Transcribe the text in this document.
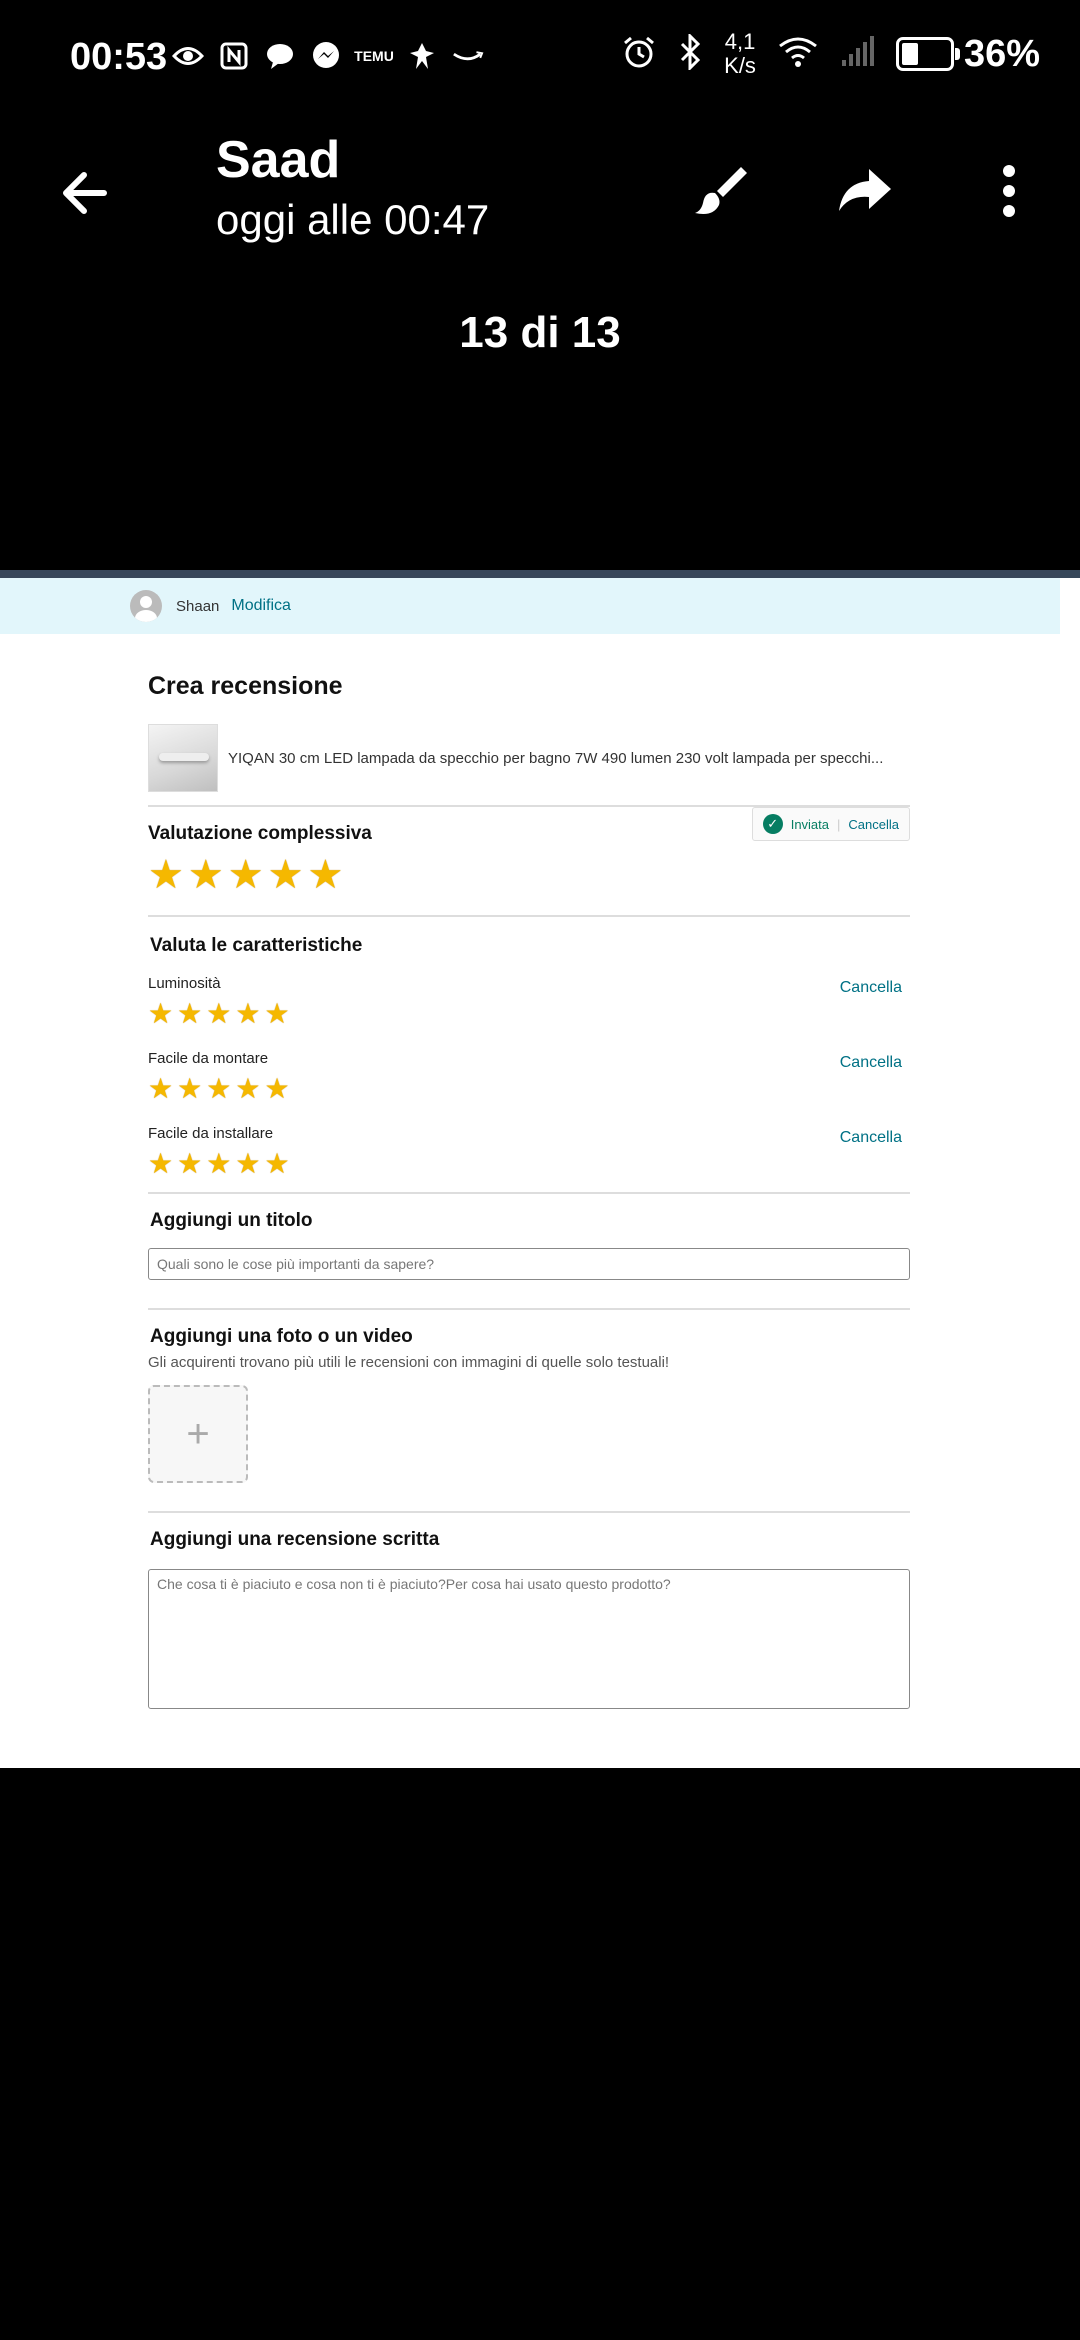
00:53	TEMU
4,1
K/s	36%
Saad
oggi alle 00:47
13 di 13
Shaan Modifica
Crea recensione
YIQAN 30 cm LED lampada da specchio per bagno 7W 490 lumen 230 volt lampada per specchi...
✓ Inviata | Cancella
Valutazione complessiva
★ ★ ★ ★ ★
Valuta le caratteristiche
Luminosità	Cancella
★ ★ ★ ★ ★
Facile da montare	Cancella
★ ★ ★ ★ ★
Facile da installare	Cancella
★ ★ ★ ★ ★
Aggiungi un titolo
Quali sono le cose più importanti da sapere?
Aggiungi una foto o un video
Gli acquirenti trovano più utili le recensioni con immagini di quelle solo testuali!
+
Aggiungi una recensione scritta
Che cosa ti è piaciuto e cosa non ti è piaciuto?Per cosa hai usato questo prodotto?
